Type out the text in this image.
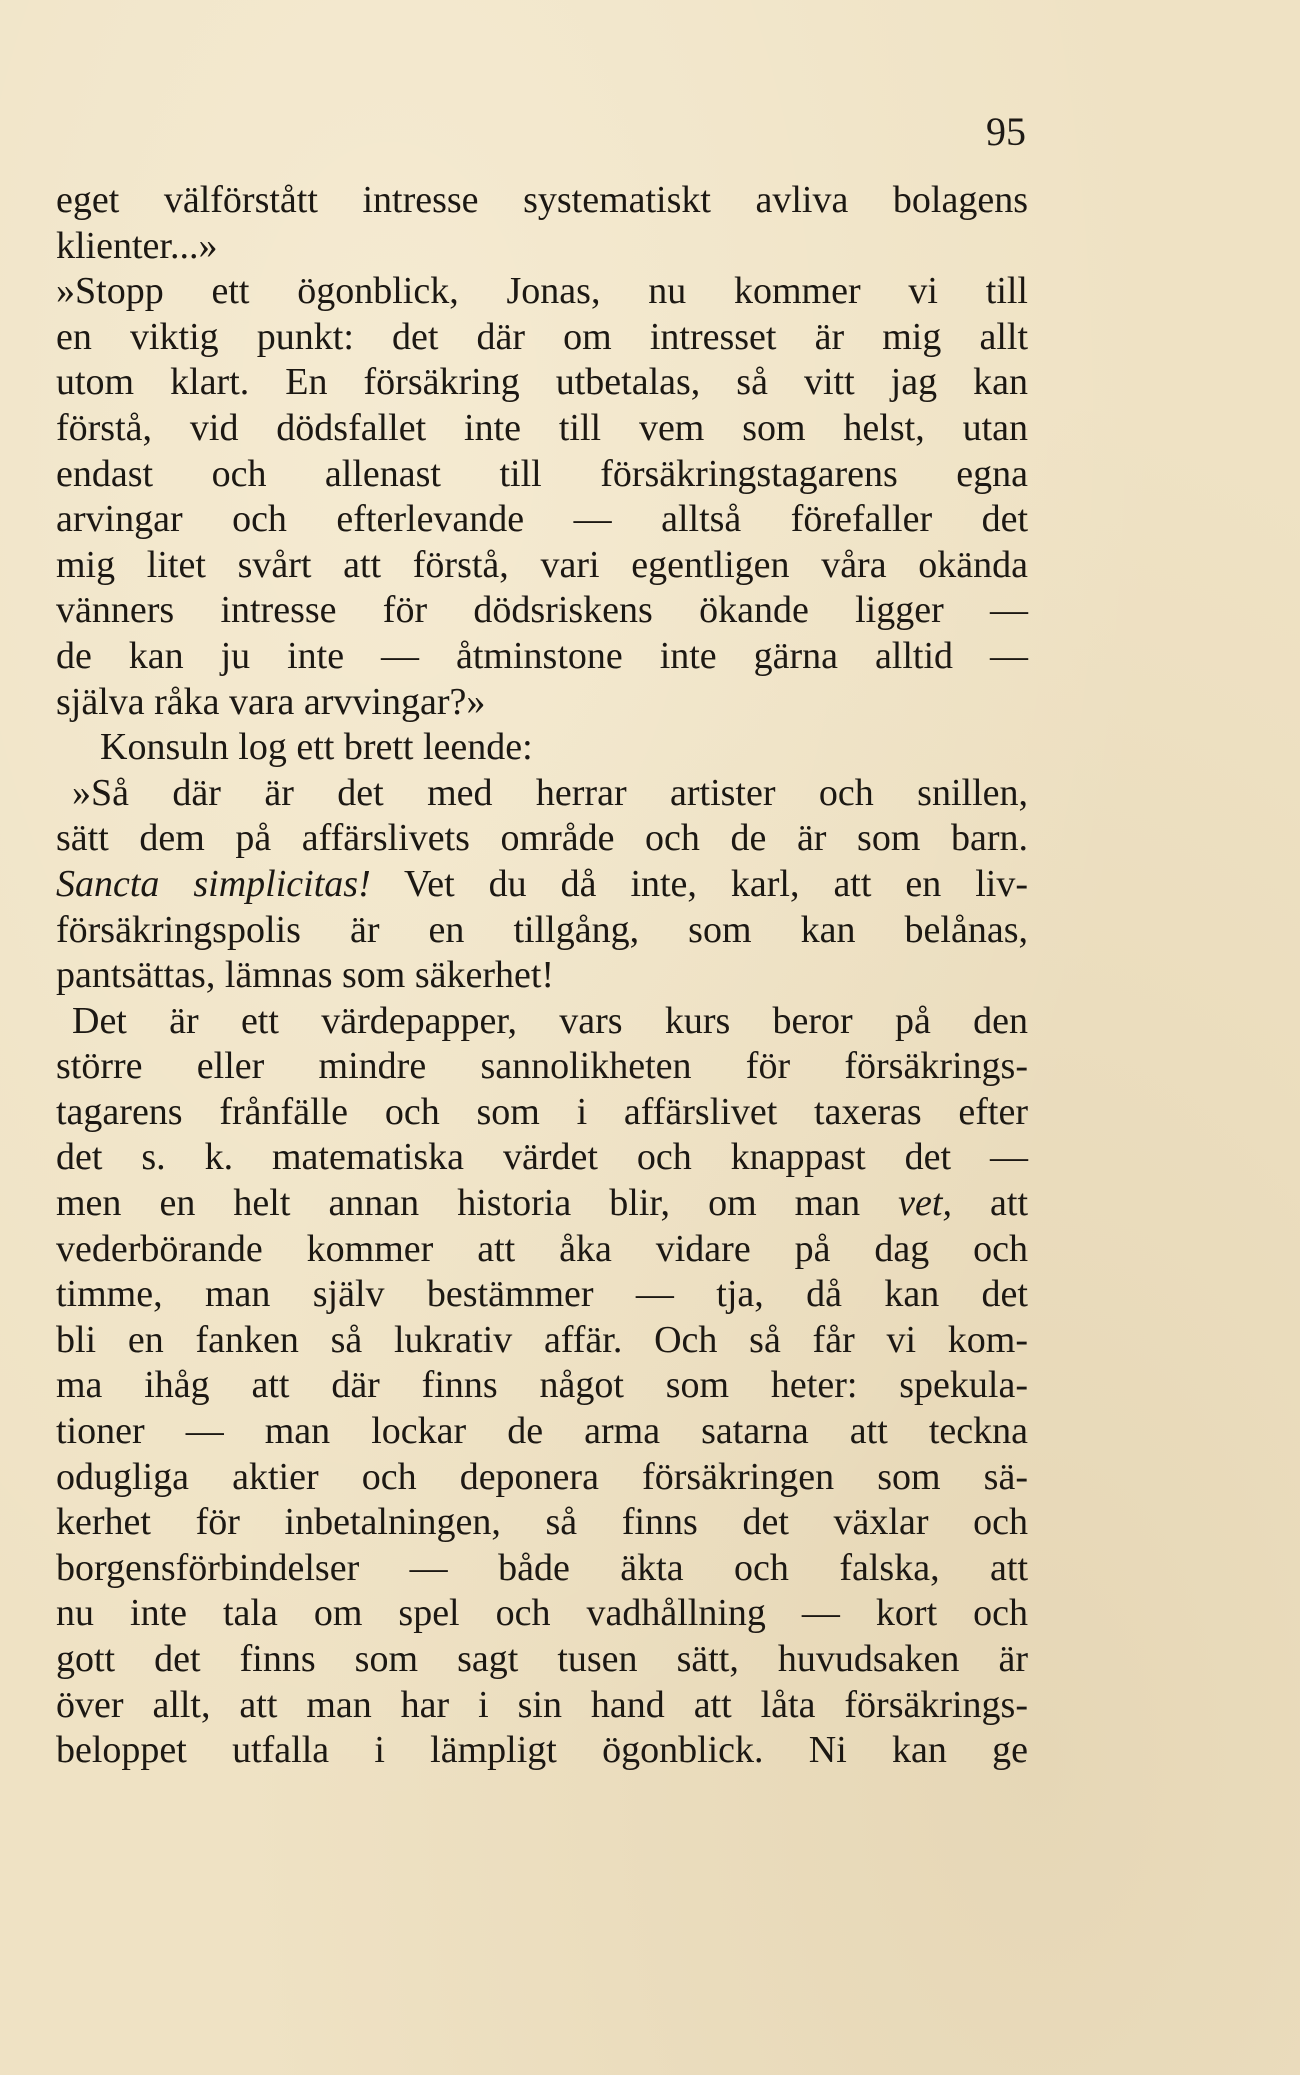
95
eget välförstått intresse systematiskt avliva bolagens
klienter...»
»Stopp ett ögonblick, Jonas, nu kommer vi till
en viktig punkt: det där om intresset är mig allt
utom klart. En försäkring utbetalas, så vitt jag kan
förstå, vid dödsfallet inte till vem som helst, utan
endast och allenast till försäkringstagarens egna
arvingar och efterlevande — alltså förefaller det
mig litet svårt att förstå, vari egentligen våra okända
vänners intresse för dödsriskens ökande ligger —
de kan ju inte — åtminstone inte gärna alltid —
själva råka vara arvvingar?»
Konsuln log ett brett leende:
»Så där är det med herrar artister och snillen,
sätt dem på affärslivets område och de är som barn.
Sancta simplicitas! Vet du då inte, karl, att en liv-
försäkringspolis är en tillgång, som kan belånas,
pantsättas, lämnas som säkerhet!
Det är ett värdepapper, vars kurs beror på den
större eller mindre sannolikheten för försäkrings-
tagarens frånfälle och som i affärslivet taxeras efter
det s. k. matematiska värdet och knappast det —
men en helt annan historia blir, om man vet, att
vederbörande kommer att åka vidare på dag och
timme, man själv bestämmer — tja, då kan det
bli en fanken så lukrativ affär. Och så får vi kom-
ma ihåg att där finns något som heter: spekula-
tioner — man lockar de arma satarna att teckna
odugliga aktier och deponera försäkringen som sä-
kerhet för inbetalningen, så finns det växlar och
borgensförbindelser — både äkta och falska, att
nu inte tala om spel och vadhållning — kort och
gott det finns som sagt tusen sätt, huvudsaken är
över allt, att man har i sin hand att låta försäkrings-
beloppet utfalla i lämpligt ögonblick. Ni kan ge
